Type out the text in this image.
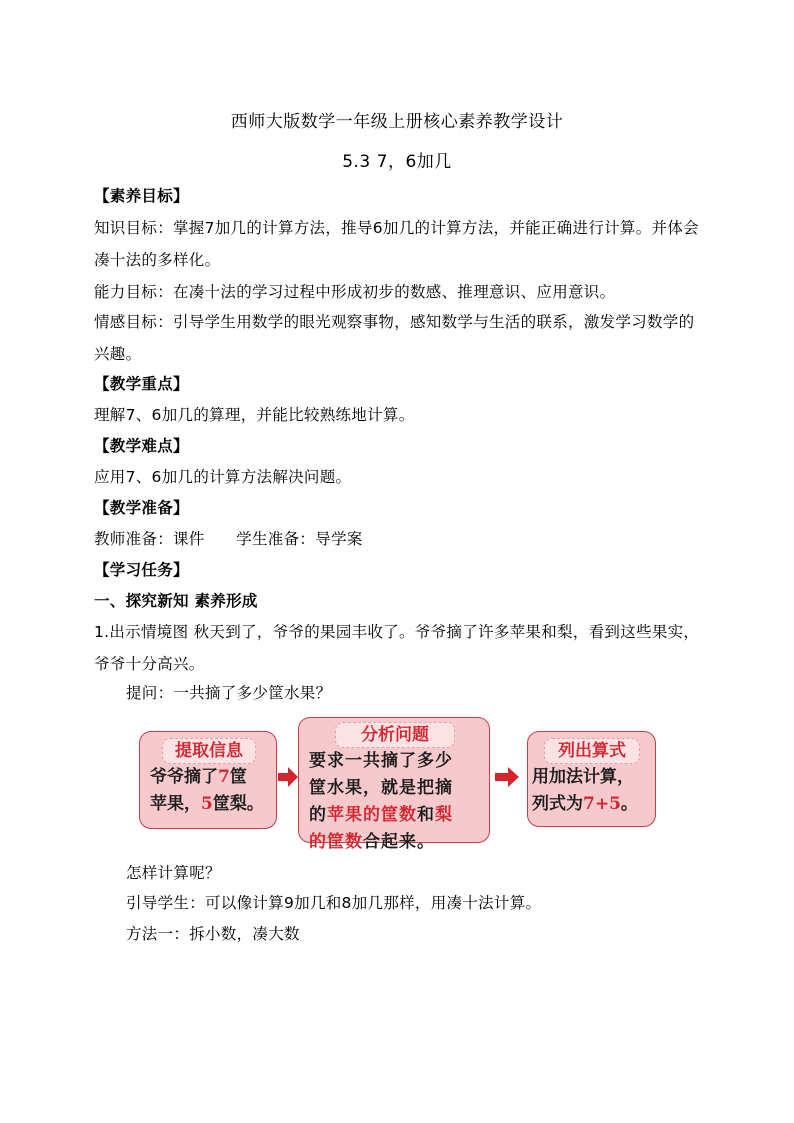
西师大版数学一年级上册核心素养教学设计
5.3 7，6加几
【素养目标】
知识目标：掌握7加几的计算方法，推导6加几的计算方法，并能正确进行计算。并体会凑十法的多样化。
能力目标：在凑十法的学习过程中形成初步的数感、推理意识、应用意识。
情感目标：引导学生用数学的眼光观察事物，感知数学与生活的联系，激发学习数学的兴趣。
【教学重点】
理解7、6加几的算理，并能比较熟练地计算。
【教学难点】
应用7、6加几的计算方法解决问题。
【教学准备】
教师准备：课件　　学生准备：导学案
【学习任务】
一、探究新知 素养形成
1.出示情境图 秋天到了，爷爷的果园丰收了。爷爷摘了许多苹果和梨，看到这些果实，爷爷十分高兴。
提问：一共摘了多少筐水果？
提取信息
爷爷摘了7筐
苹果，5筐梨。
分析问题
要求一共摘了多少
筐水果，就是把摘
的苹果的筐数和梨
的筐数合起来。
列出算式
用加法计算，
列式为7+5。
怎样计算呢？
引导学生：可以像计算9加几和8加几那样，用凑十法计算。
方法一：拆小数，凑大数
